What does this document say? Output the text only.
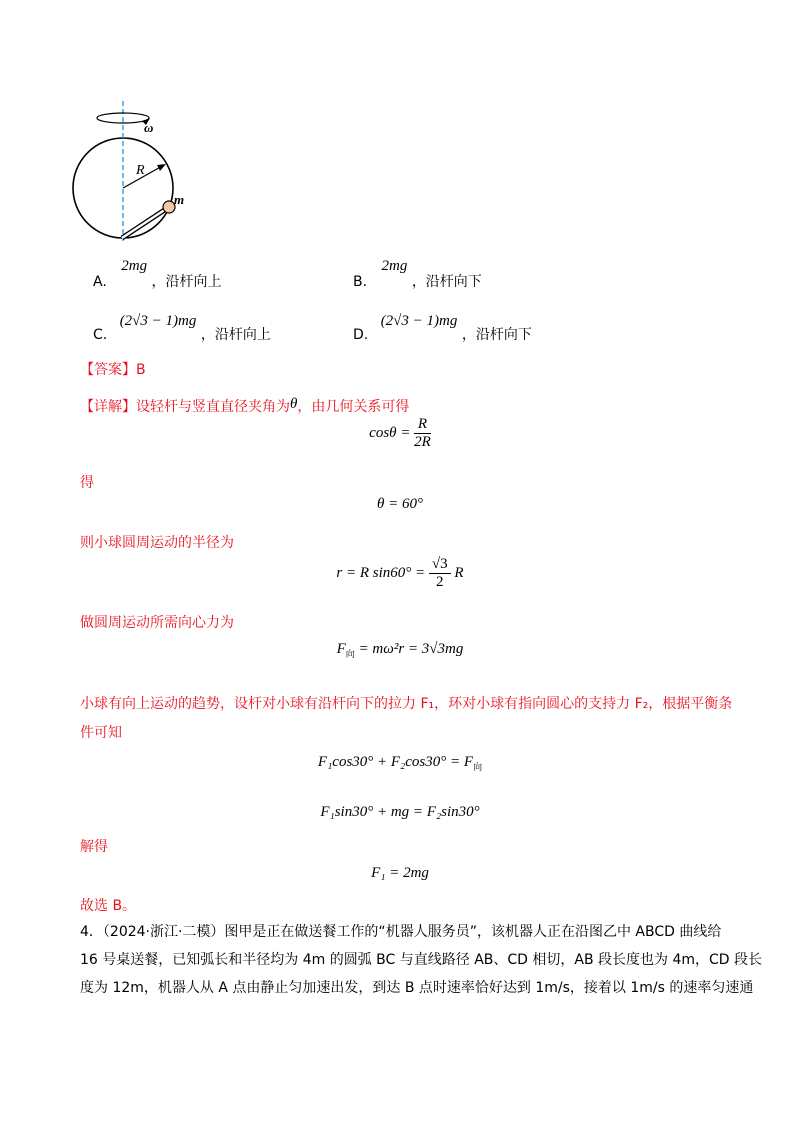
ω
R
m
A. 2mg ，沿杆向上	B. 2mg ，沿杆向下
C. (2√3 − 1)mg ，沿杆向上	D. (2√3 − 1)mg ，沿杆向下
【答案】B
【详解】设轻杆与竖直直径夹角为θ，由几何关系可得
$\cos\theta = \frac{R}{2R}$
得
θ = 60°
则小球圆周运动的半径为
r = R $\sin 60^\circ = \frac{√3}{2}$ R
做圆周运动所需向心力为
$F_向 = m\omega^2r = 3√3mg$
小球有向上运动的趋势，设杆对小球有沿杆向下的拉力 F₁，环对小球有指向圆心的支持力 F₂，根据平衡条
件可知
$F_1\cos 30^\circ + F_2\cos 30^\circ = F_向$
F₁sin30° + mg = F₂sin30°
解得
F₁ = 2mg
故选 B。
4．（2024·浙江·二模）图甲是正在做送餐工作的“机器人服务员”，该机器人正在沿图乙中 ABCD 曲线给
16 号桌送餐，已知弧长和半径均为 4m 的圆弧 BC 与直线路径 AB、CD 相切，AB 段长度也为 4m，CD 段长
度为 12m，机器人从 A 点由静止匀加速出发，到达 B 点时速率恰好达到 1m/s，接着以 1m/s 的速率匀速通
